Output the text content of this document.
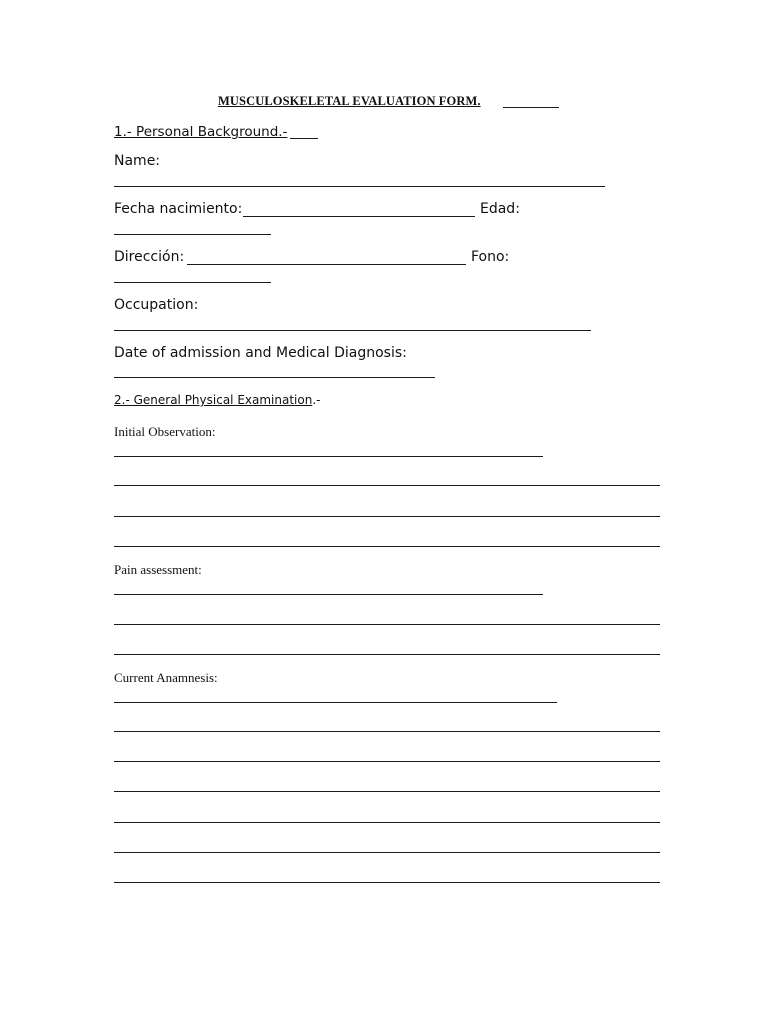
MUSCULOSKELETAL EVALUATION FORM.
1.- Personal Background.-
Name:
Fecha nacimiento:	Edad:
Dirección:	Fono:
Occupation:
Date of admission and Medical Diagnosis:
2.- General Physical Examination.-
Initial Observation:
Pain assessment:
Current Anamnesis:
